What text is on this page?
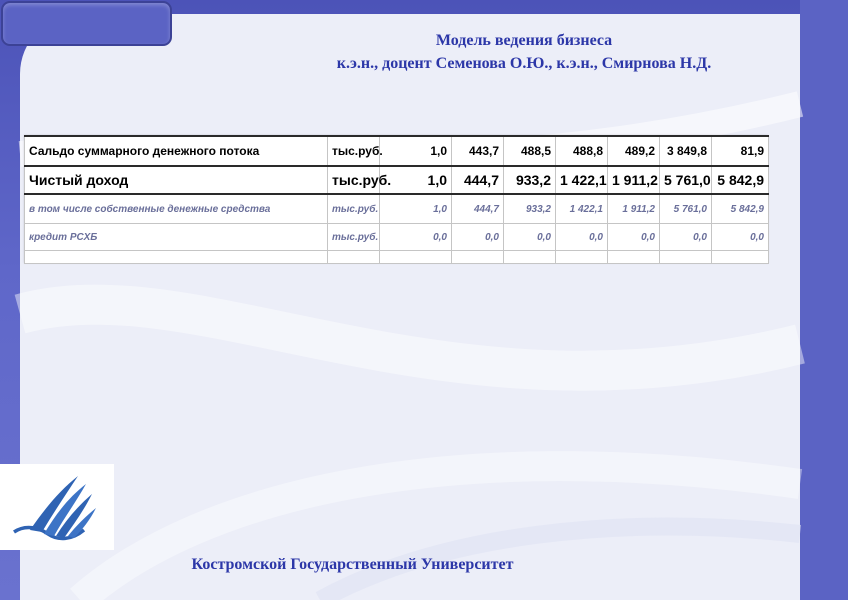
Модель ведения бизнеса
к.э.н., доцент Семенова О.Ю., к.э.н., Смирнова Н.Д.
Сальдо суммарного денежного потока	тыс.руб.	1,0	443,7	488,5	488,8	489,2	3 849,8	81,9
Чистый доход	тыс.руб.	1,0	444,7	933,2	1 422,1	1 911,2	5 761,0	5 842,9
в том числе собственные денежные средства	тыс.руб.	1,0	444,7	933,2	1 422,1	1 911,2	5 761,0	5 842,9
кредит РСХБ	тыс.руб.	0,0	0,0	0,0	0,0	0,0	0,0	0,0

Костромской Государственный Университет
